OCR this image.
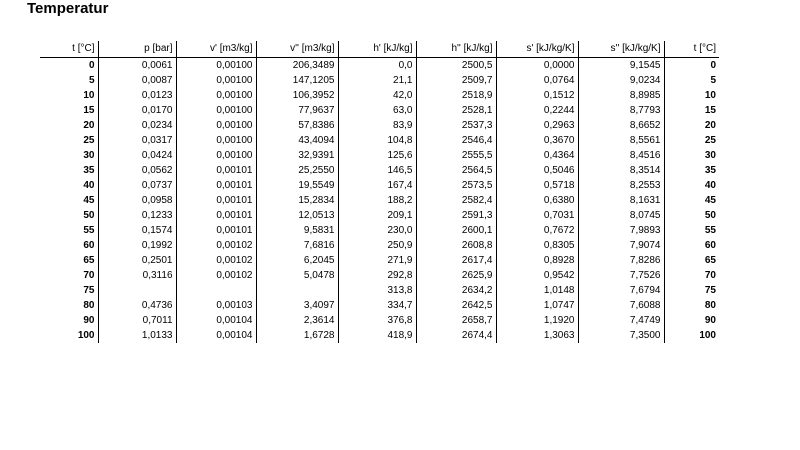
Temperatur
t [°C]	p [bar]	v' [m3/kg]	v'' [m3/kg]	h' [kJ/kg]	h'' [kJ/kg]	s' [kJ/kg/K]	s'' [kJ/kg/K]	t [°C]
0	0,0061	0,00100	206,3489	0,0	2500,5	0,0000	9,1545	0
5	0,0087	0,00100	147,1205	21,1	2509,7	0,0764	9,0234	5
10	0,0123	0,00100	106,3952	42,0	2518,9	0,1512	8,8985	10
15	0,0170	0,00100	77,9637	63,0	2528,1	0,2244	8,7793	15
20	0,0234	0,00100	57,8386	83,9	2537,3	0,2963	8,6652	20
25	0,0317	0,00100	43,4094	104,8	2546,4	0,3670	8,5561	25
30	0,0424	0,00100	32,9391	125,6	2555,5	0,4364	8,4516	30
35	0,0562	0,00101	25,2550	146,5	2564,5	0,5046	8,3514	35
40	0,0737	0,00101	19,5549	167,4	2573,5	0,5718	8,2553	40
45	0,0958	0,00101	15,2834	188,2	2582,4	0,6380	8,1631	45
50	0,1233	0,00101	12,0513	209,1	2591,3	0,7031	8,0745	50
55	0,1574	0,00101	9,5831	230,0	2600,1	0,7672	7,9893	55
60	0,1992	0,00102	7,6816	250,9	2608,8	0,8305	7,9074	60
65	0,2501	0,00102	6,2045	271,9	2617,4	0,8928	7,8286	65
70	0,3116	0,00102	5,0478	292,8	2625,9	0,9542	7,7526	70
75				313,8	2634,2	1,0148	7,6794	75
80	0,4736	0,00103	3,4097	334,7	2642,5	1,0747	7,6088	80
90	0,7011	0,00104	2,3614	376,8	2658,7	1,1920	7,4749	90
100	1,0133	0,00104	1,6728	418,9	2674,4	1,3063	7,3500	100
